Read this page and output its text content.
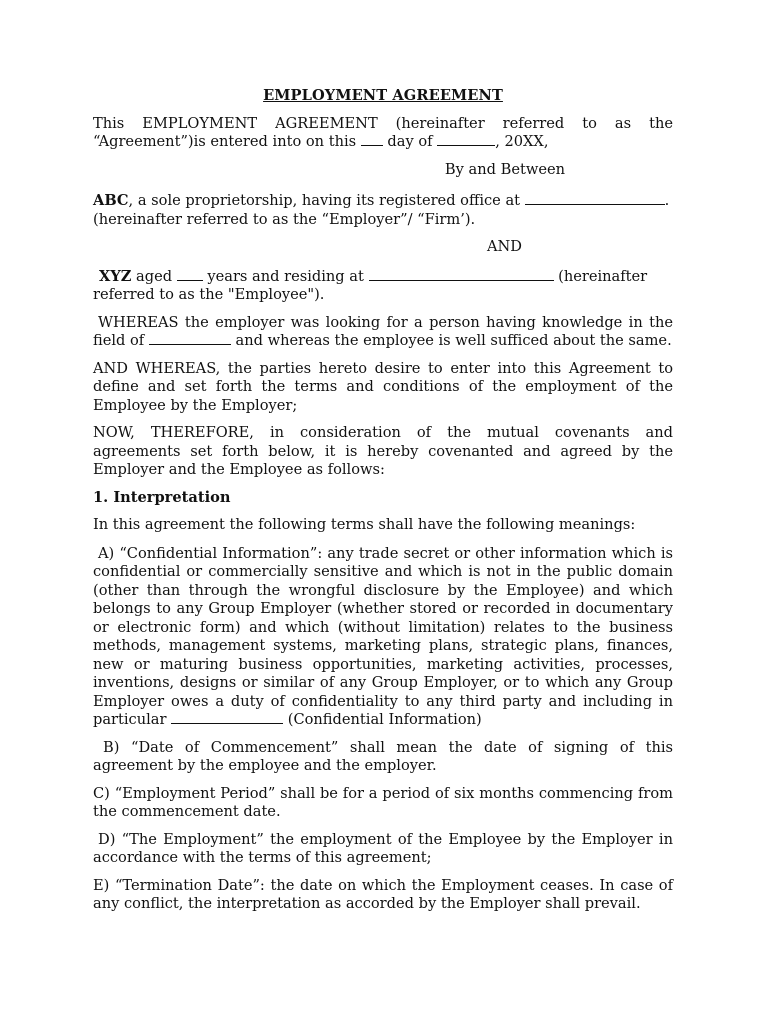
EMPLOYMENT AGREEMENT

This EMPLOYMENT AGREEMENT (hereinafter referred to as the

“Agreement”)is entered into on this day of	, 20XX,

By and Between

ABC, a sole proprietorship, having its registered office at	.
(hereinafter referred to as the “Employer”/ “Firm’).

AND

XYZ aged years and residing at	(hereinafter
referred to as the "Employee").

WHEREAS the employer was looking for a person having knowledge in the field of	and whereas the employee is well sufficed about the same.

AND WHEREAS, the parties hereto desire to enter into this Agreement to define and set forth the terms and conditions of the employment of the Employee by the Employer;

NOW, THEREFORE, in consideration of the mutual covenants and agreements set forth below, it is hereby covenanted and agreed by the Employer and the Employee as follows:

1. Interpretation

In this agreement the following terms shall have the following meanings:

A) “Confidential Information”: any trade secret or other information which is confidential or commercially sensitive and which is not in the public domain (other than through the wrongful disclosure by the Employee) and which belongs to any Group Employer (whether stored or recorded in documentary or electronic form) and which (without limitation) relates to the business methods, management systems, marketing plans, strategic plans, finances, new or maturing business opportunities, marketing activities, processes, inventions, designs or similar of any Group Employer, or to which any Group Employer owes a duty of confidentiality to any third party and including in particular	(Confidential Information)

B) “Date of Commencement” shall mean the date of signing of this agreement by the employee and the employer.

C) “Employment Period” shall be for a period of six months commencing from the commencement date.

D) “The Employment” the employment of the Employee by the Employer in accordance with the terms of this agreement;

E) “Termination Date”: the date on which the Employment ceases. In case of any conflict, the interpretation as accorded by the Employer shall prevail.
